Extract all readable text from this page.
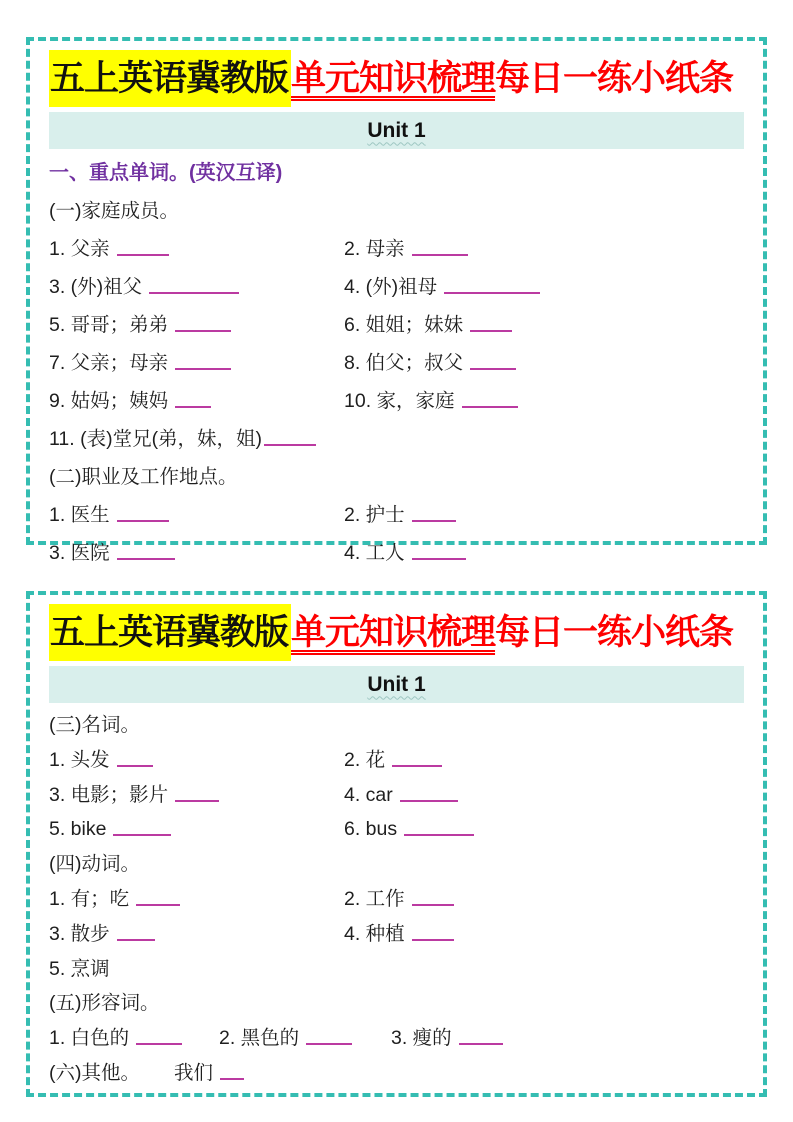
五上英语冀教版单元知识梳理每日一练小纸条
Unit 1
一、重点单词。(英汉互译)
(一)家庭成员。
1. 父亲	2. 母亲
3. (外)祖父	4. (外)祖母
5. 哥哥；弟弟	6. 姐姐；妹妹
7. 父亲；母亲	8. 伯父；叔父
9. 姑妈；姨妈	10. 家，家庭
11. (表)堂兄(弟，妹，姐)
(二)职业及工作地点。
1. 医生	2. 护士
3. 医院	4. 工人
五上英语冀教版单元知识梳理每日一练小纸条
Unit 1
(三)名词。
1. 头发	2. 花
3. 电影；影片	4. car
5. bike	6. bus
(四)动词。
1. 有；吃	2. 工作
3. 散步	4. 种植
5. 烹调
(五)形容词。
1. 白色的	2. 黑色的	3. 瘦的
(六)其他。 我们
